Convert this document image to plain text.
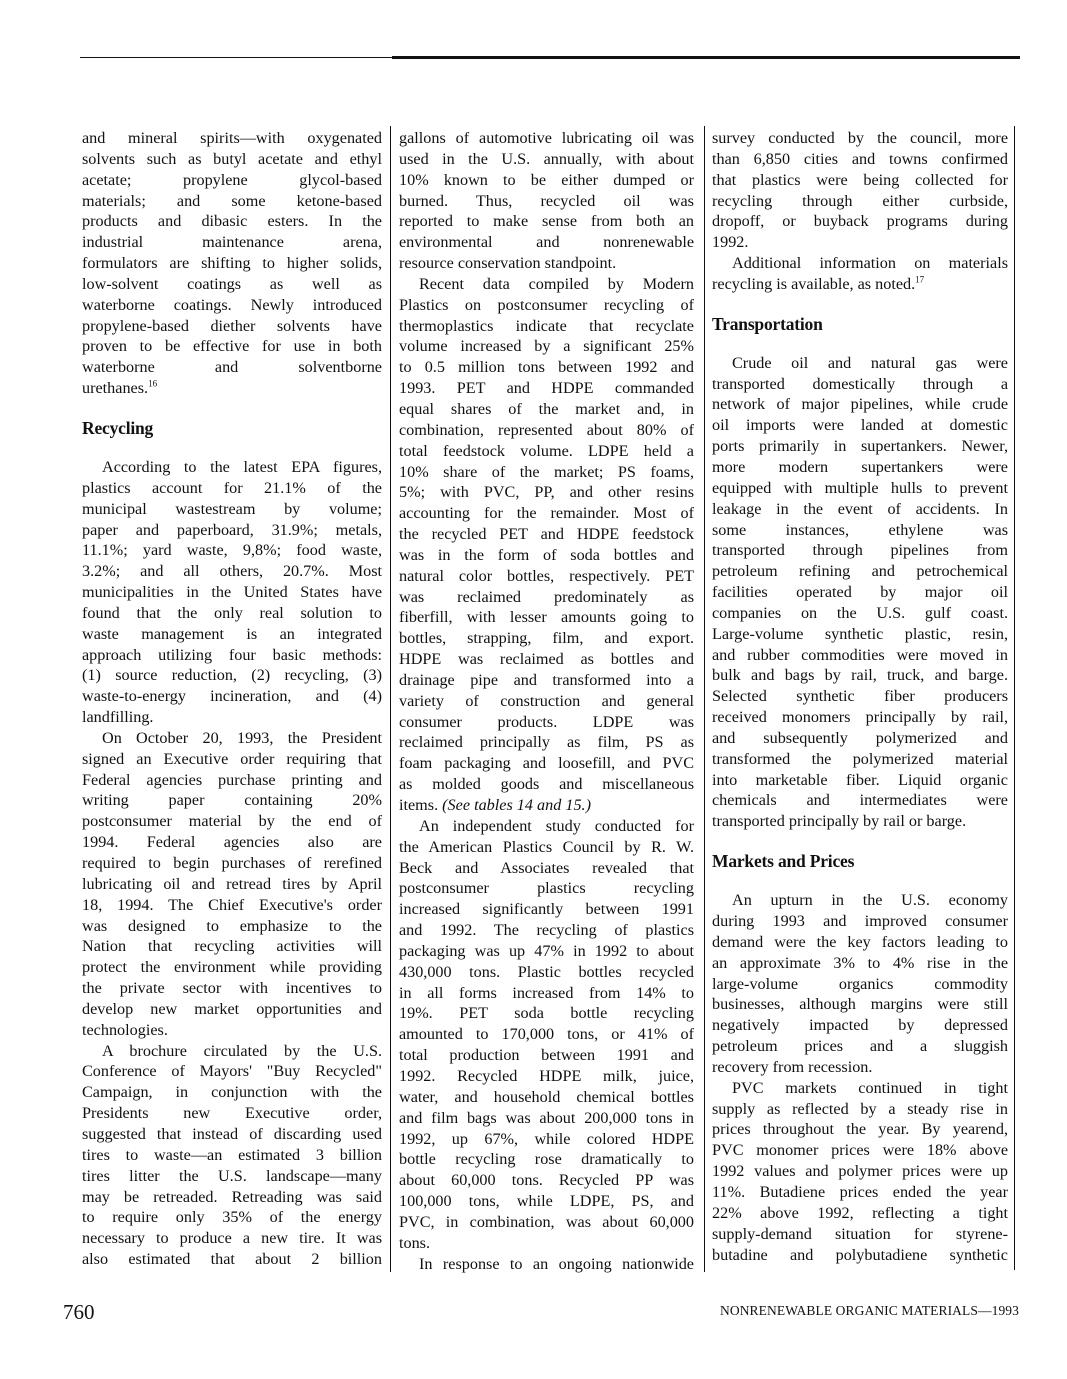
and mineral spirits—with oxygenated
solvents such as butyl acetate and ethyl
acetate; propylene glycol-based
materials; and some ketone-based
products and dibasic esters. In the
industrial maintenance arena,
formulators are shifting to higher solids,
low-solvent coatings as well as
waterborne coatings. Newly introduced
propylene-based diether solvents have
proven to be effective for use in both
waterborne and solventborne
urethanes.$^{16}$
Recycling
According to the latest EPA figures,
plastics account for 21.1% of the
municipal wastestream by volume;
paper and paperboard, 31.9%; metals,
11.1%; yard waste, 9,8%; food waste,
3.2%; and all others, 20.7%. Most
municipalities in the United States have
found that the only real solution to
waste management is an integrated
approach utilizing four basic methods:
(1) source reduction, (2) recycling, (3)
waste-to-energy incineration, and (4)
landfilling.
On October 20, 1993, the President
signed an Executive order requiring that
Federal agencies purchase printing and
writing paper containing 20%
postconsumer material by the end of
1994. Federal agencies also are
required to begin purchases of rerefined
lubricating oil and retread tires by April
18, 1994. The Chief Executive's order
was designed to emphasize to the
Nation that recycling activities will
protect the environment while providing
the private sector with incentives to
develop new market opportunities and
technologies.
A brochure circulated by the U.S.
Conference of Mayors' "Buy Recycled"
Campaign, in conjunction with the
Presidents new Executive order,
suggested that instead of discarding used
tires to waste—an estimated 3 billion
tires litter the U.S. landscape—many
may be retreaded. Retreading was said
to require only 35% of the energy
necessary to produce a new tire. It was
also estimated that about 2 billion
gallons of automotive lubricating oil was
used in the U.S. annually, with about
10% known to be either dumped or
burned. Thus, recycled oil was
reported to make sense from both an
environmental and nonrenewable
resource conservation standpoint.
Recent data compiled by Modern
Plastics on postconsumer recycling of
thermoplastics indicate that recyclate
volume increased by a significant 25%
to 0.5 million tons between 1992 and
1993. PET and HDPE commanded
equal shares of the market and, in
combination, represented about 80% of
total feedstock volume. LDPE held a
10% share of the market; PS foams,
5%; with PVC, PP, and other resins
accounting for the remainder. Most of
the recycled PET and HDPE feedstock
was in the form of soda bottles and
natural color bottles, respectively. PET
was reclaimed predominately as
fiberfill, with lesser amounts going to
bottles, strapping, film, and export.
HDPE was reclaimed as bottles and
drainage pipe and transformed into a
variety of construction and general
consumer products. LDPE was
reclaimed principally as film, PS as
foam packaging and loosefill, and PVC
as molded goods and miscellaneous
items. (See tables 14 and 15.)
An independent study conducted for
the American Plastics Council by R. W.
Beck and Associates revealed that
postconsumer plastics recycling
increased significantly between 1991
and 1992. The recycling of plastics
packaging was up 47% in 1992 to about
430,000 tons. Plastic bottles recycled
in all forms increased from 14% to
19%. PET soda bottle recycling
amounted to 170,000 tons, or 41% of
total production between 1991 and
1992. Recycled HDPE milk, juice,
water, and household chemical bottles
and film bags was about 200,000 tons in
1992, up 67%, while colored HDPE
bottle recycling rose dramatically to
about 60,000 tons. Recycled PP was
100,000 tons, while LDPE, PS, and
PVC, in combination, was about 60,000
tons.
In response to an ongoing nationwide
survey conducted by the council, more
than 6,850 cities and towns confirmed
that plastics were being collected for
recycling through either curbside,
dropoff, or buyback programs during
1992.
Additional information on materials
recycling is available, as noted.$^{17}$
Transportation
Crude oil and natural gas were
transported domestically through a
network of major pipelines, while crude
oil imports were landed at domestic
ports primarily in supertankers. Newer,
more modern supertankers were
equipped with multiple hulls to prevent
leakage in the event of accidents. In
some instances, ethylene was
transported through pipelines from
petroleum refining and petrochemical
facilities operated by major oil
companies on the U.S. gulf coast.
Large-volume synthetic plastic, resin,
and rubber commodities were moved in
bulk and bags by rail, truck, and barge.
Selected synthetic fiber producers
received monomers principally by rail,
and subsequently polymerized and
transformed the polymerized material
into marketable fiber. Liquid organic
chemicals and intermediates were
transported principally by rail or barge.
Markets and Prices
An upturn in the U.S. economy
during 1993 and improved consumer
demand were the key factors leading to
an approximate 3% to 4% rise in the
large-volume organics commodity
businesses, although margins were still
negatively impacted by depressed
petroleum prices and a sluggish
recovery from recession.
PVC markets continued in tight
supply as reflected by a steady rise in
prices throughout the year. By yearend,
PVC monomer prices were 18% above
1992 values and polymer prices were up
11%. Butadiene prices ended the year
22% above 1992, reflecting a tight
supply-demand situation for styrene-
butadine and polybutadiene synthetic
760	NONRENEWABLE ORGANIC MATERIALS—1993
